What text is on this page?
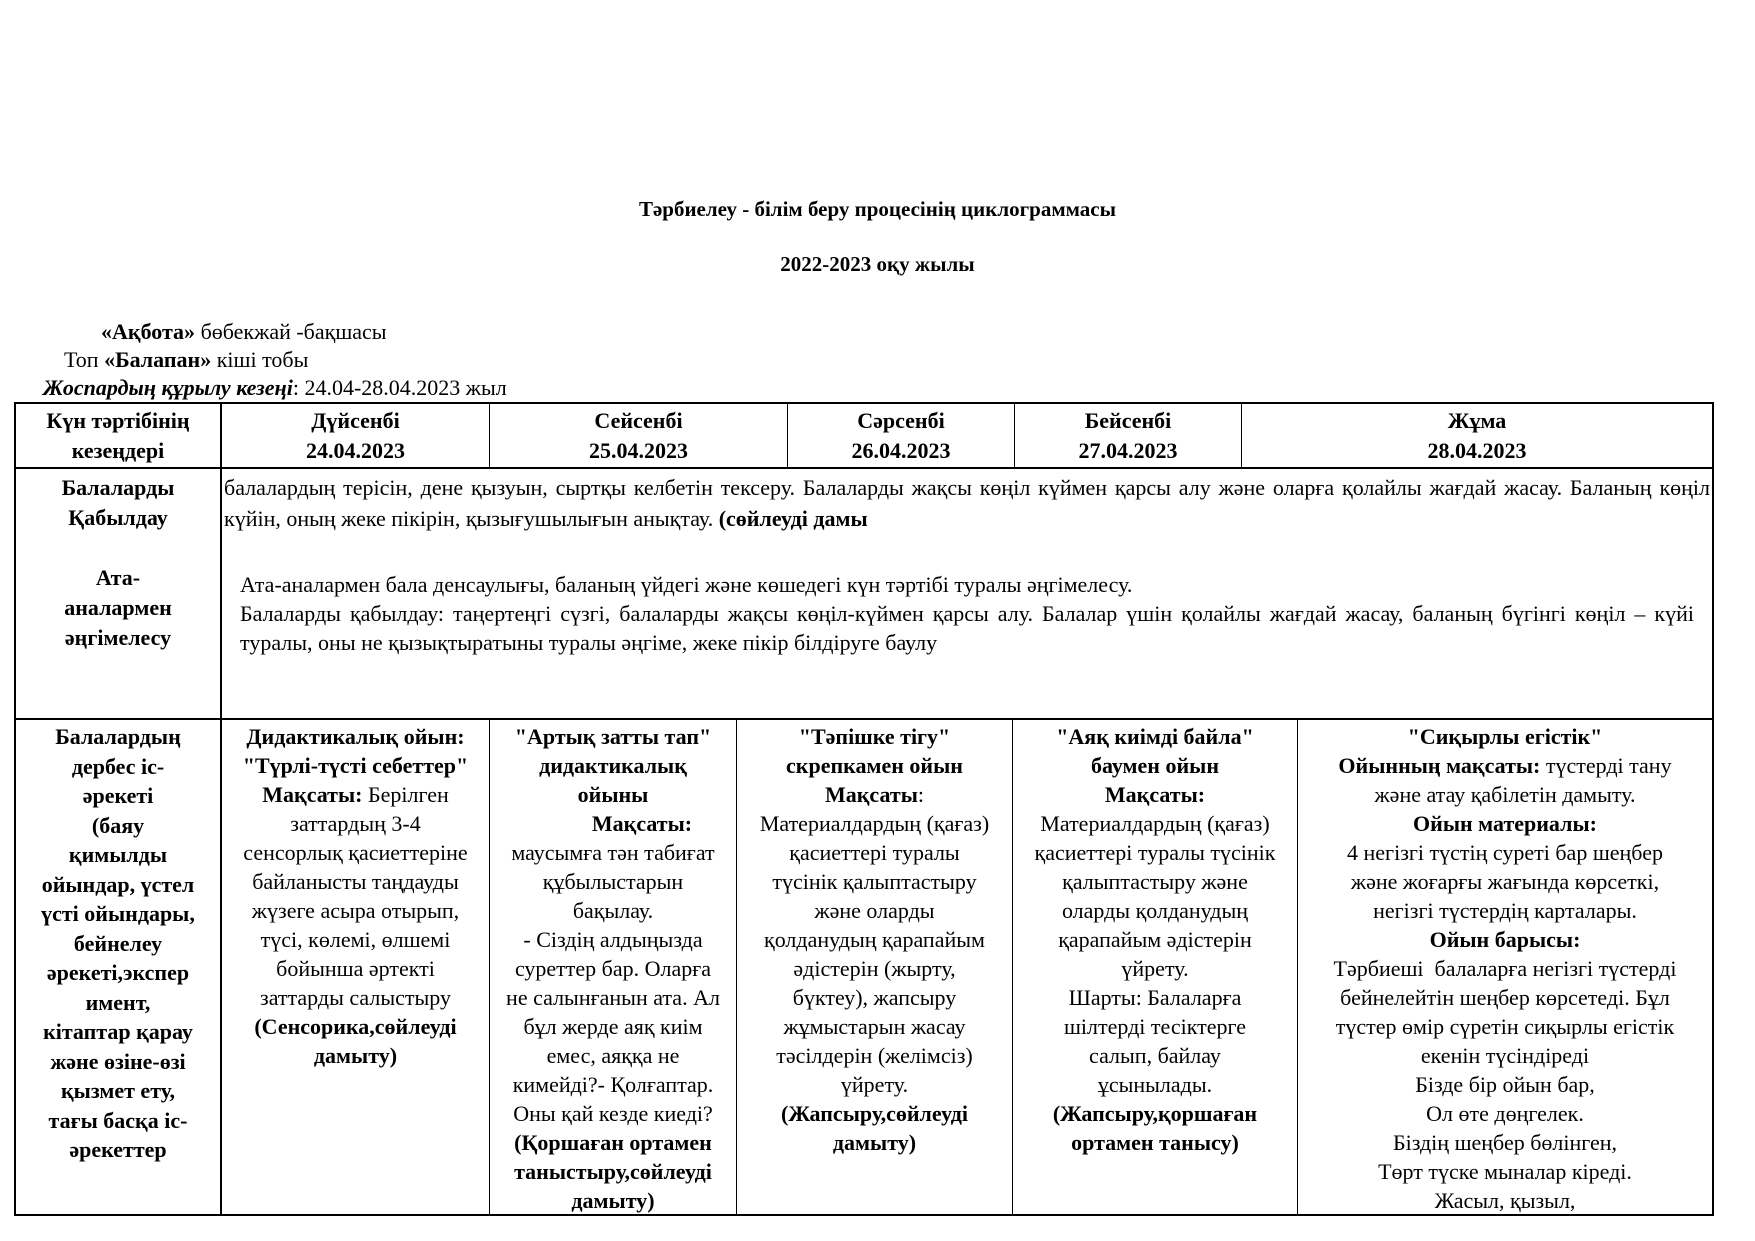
Тәрбиелеу - білім беру процесінің циклограммасы
2022-2023 оқу жылы
«Ақбота» бөбекжай -бақшасы
Топ «Балапан» кіші тобы
Жоспардың құрылу кезеңі: 24.04-28.04.2023 жыл
Күн тәртібінің
кезеңдері
Дүйсенбі
24.04.2023
Сейсенбі
25.04.2023
Сәрсенбі
26.04.2023
Бейсенбі
27.04.2023
Жұма
28.04.2023
Балаларды
Қабылдау
Ата-
аналармен
әңгімелесу
балалардың терісін, дене қызуын, сыртқы келбетін тексеру. Балаларды жақсы көңіл күймен қарсы алу және оларға қолайлы жағдай жасау. Баланың көңіл күйін, оның жеке пікірін, қызығушылығын анықтау. (сөйлеуді дамы
Ата-аналармен бала денсаулығы, баланың үйдегі және көшедегі күн тәртібі туралы әңгімелесу.
Балаларды қабылдау: таңертеңгі сүзгі, балаларды жақсы көңіл-күймен қарсы алу. Балалар үшін қолайлы жағдай жасау, баланың бүгінгі көңіл – күйі туралы, оны не қызықтыратыны туралы әңгіме, жеке пікір білдіруге баулу
Балалардың
дербес іс-
әрекеті
(баяу
қимылды
ойындар, үстел
үсті ойындары,
бейнелеу
әрекеті,экспер
имент,
кітаптар қарау
және өзіне-өзі
қызмет ету,
тағы басқа іс-
әрекеттер
Дидактикалық ойын:
"Түрлі-түсті себеттер"
Мақсаты: Берілген
заттардың 3-4
сенсорлық қасиеттеріне
байланысты таңдауды
жүзеге асыра отырып,
түсі, көлемі, өлшемі
бойынша әртекті
заттарды салыстыру
(Сенсорика,сөйлеуді
дамыту)
"Артық затты тап"
дидактикалық
ойыны
Мақсаты:
маусымға тән табиғат
құбылыстарын
бақылау.
- Сіздің алдыңызда
суреттер бар. Оларға
не салынғанын ата. Ал
бұл жерде аяқ киім
емес, аяққа не
кимейді?- Қолғаптар.
Оны қай кезде киеді?
(Қоршаған ортамен
таныстыру,сөйлеуді
дамыту)
"Тәпішке тігу"
скрепкамен ойын
Мақсаты:
Материалдардың (қағаз)
қасиеттері туралы
түсінік қалыптастыру
және оларды
қолданудың қарапайым
әдістерін (жырту,
бүктеу), жапсыру
жұмыстарын жасау
тәсілдерін (желімсіз)
үйрету.
(Жапсыру,сөйлеуді
дамыту)
"Аяқ киімді байла"
баумен ойын
Мақсаты:
Материалдардың (қағаз)
қасиеттері туралы түсінік
қалыптастыру және
оларды қолданудың
қарапайым әдістерін
үйрету.
Шарты: Балаларға
шілтерді тесіктерге
салып, байлау
ұсынылады.
(Жапсыру,қоршаған
ортамен танысу)
"Сиқырлы егістік"
Ойынның мақсаты: түстерді тану
және атау қабілетін дамыту.
Ойын материалы:
4 негізгі түстің суреті бар шеңбер
және жоғарғы жағында көрсеткі,
негізгі түстердің карталары.
Ойын барысы:
Тәрбиеші  балаларға негізгі түстерді
бейнелейтін шеңбер көрсетеді. Бұл
түстер өмір сүретін сиқырлы егістік
екенін түсіндіреді
Бізде бір ойын бар,
Ол өте дөңгелек.
Біздің шеңбер бөлінген,
Төрт түске мыналар кіреді.
Жасыл, қызыл,
